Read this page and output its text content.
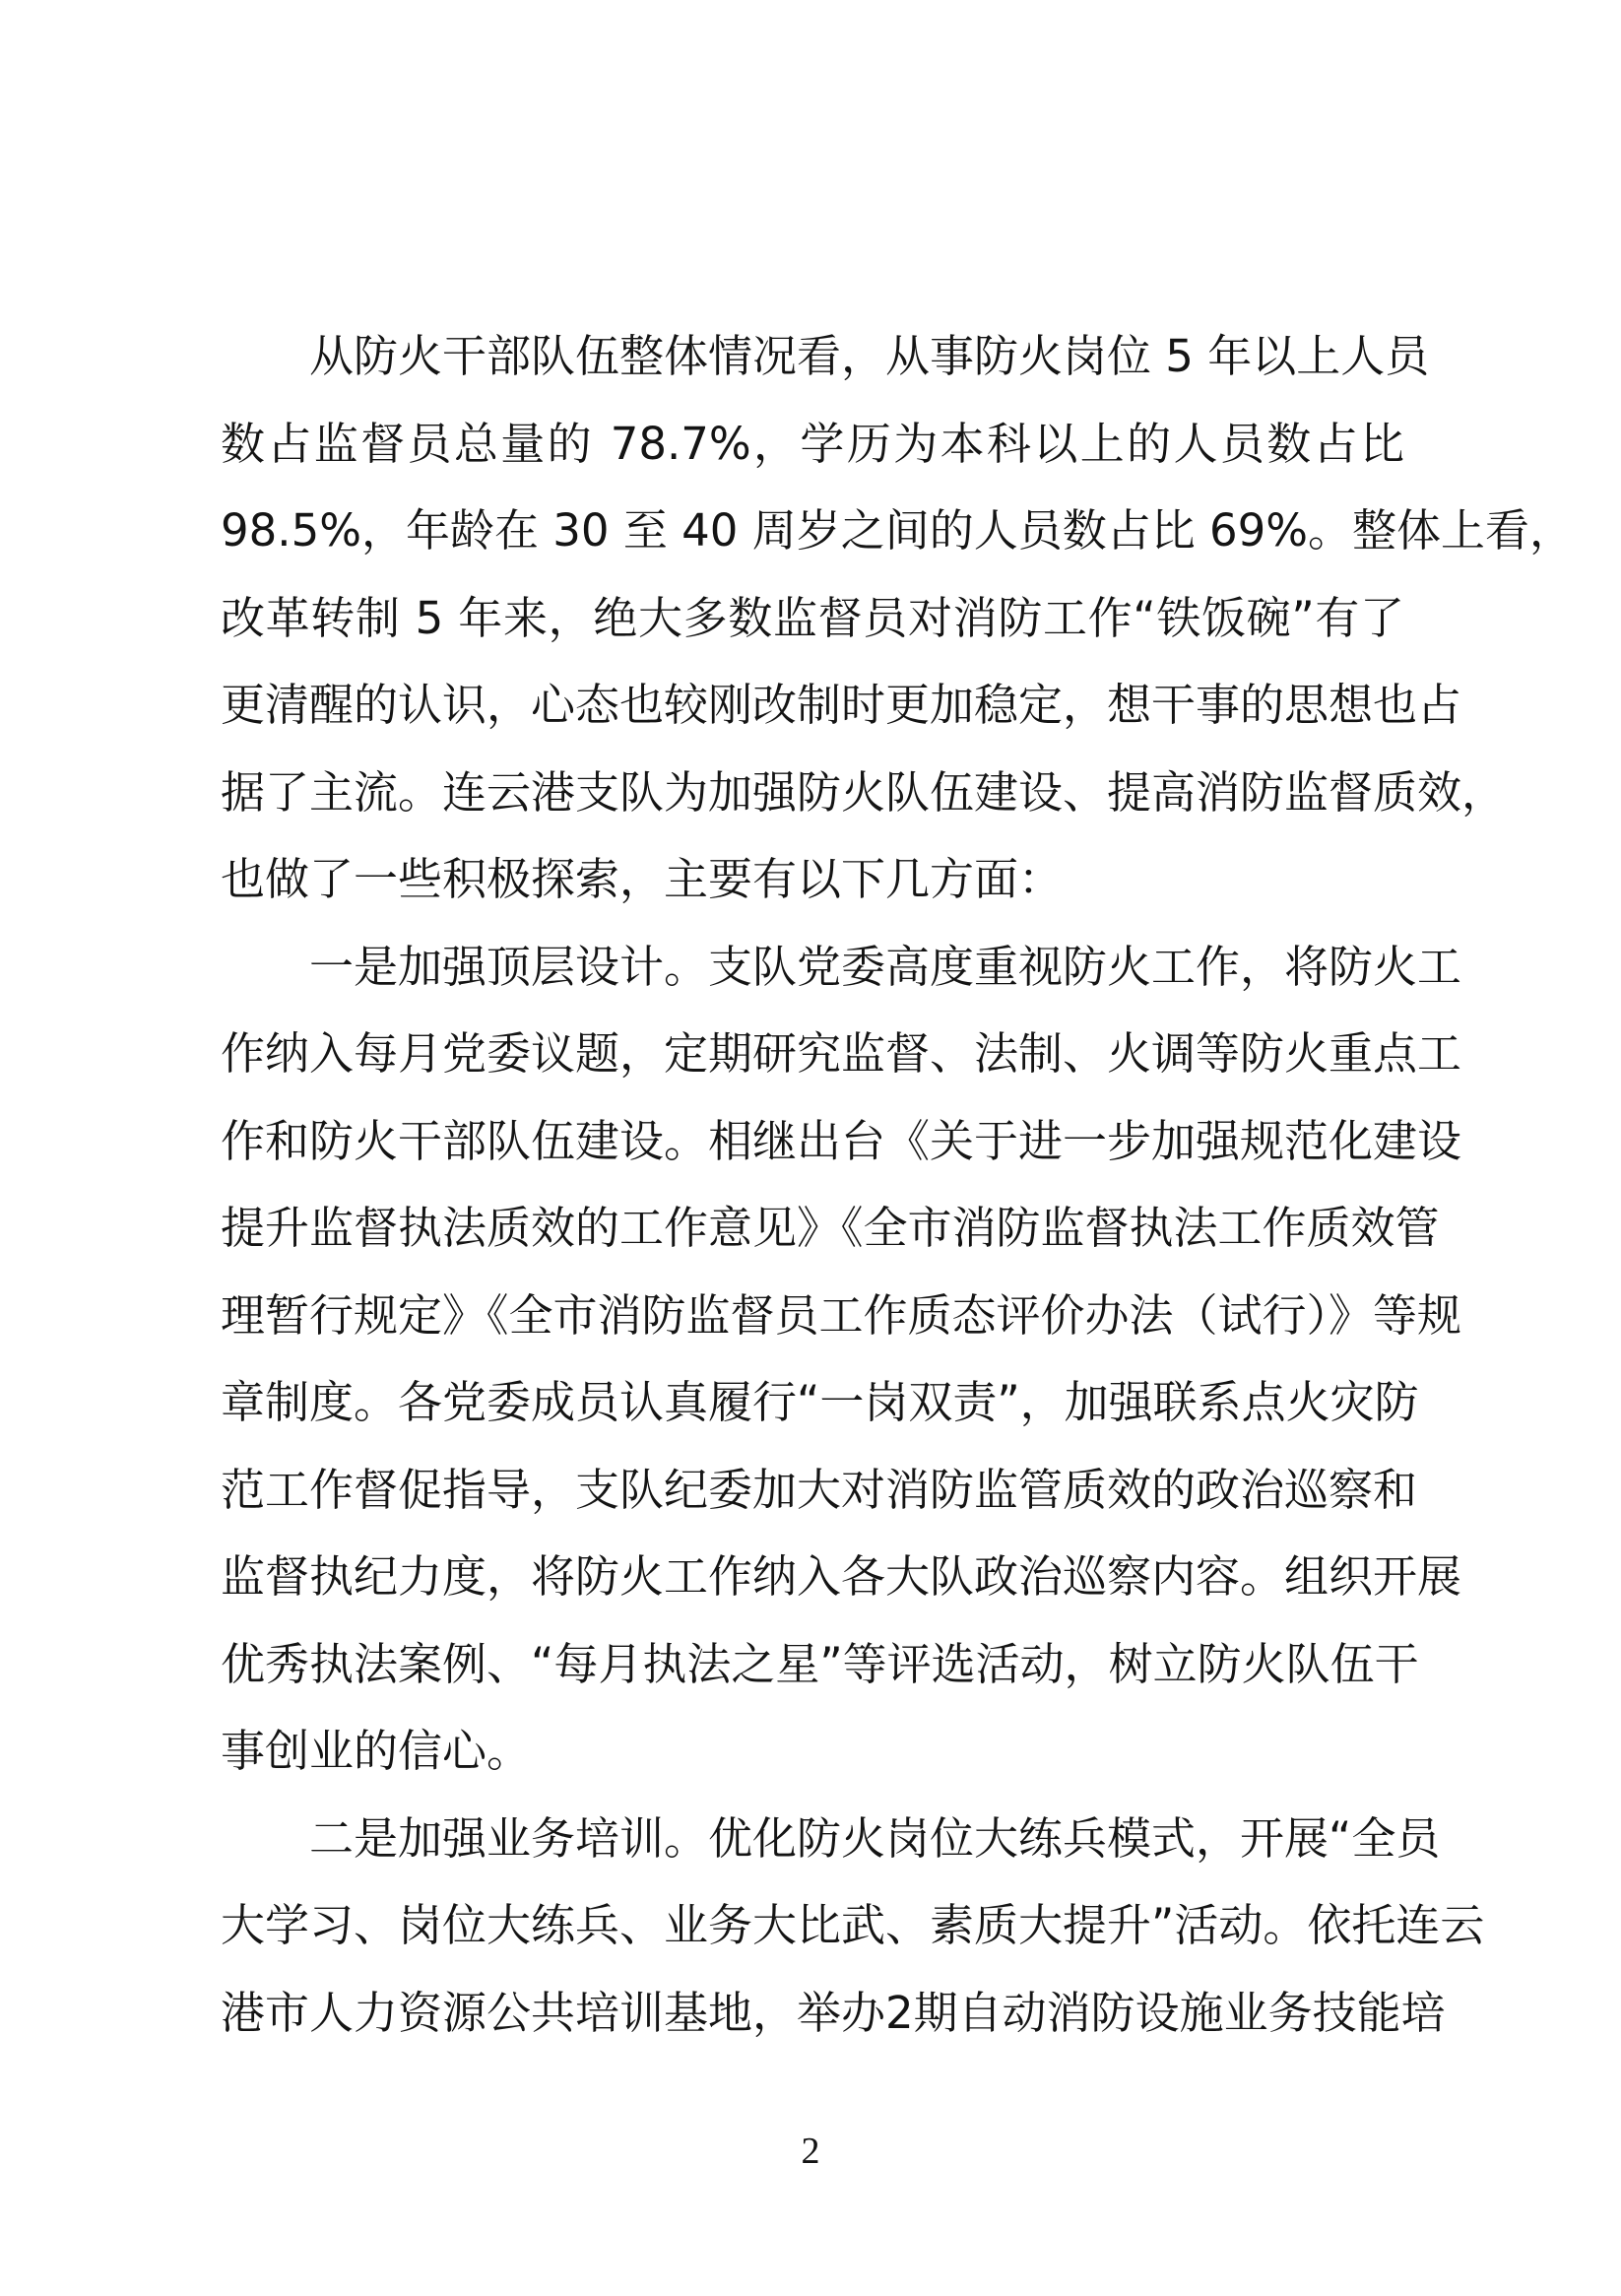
从防火干部队伍整体情况看，从事防火岗位 5 年以上人员
数占监督员总量的 78.7%，学历为本科以上的人员数占比
98.5%，年龄在 30 至 40 周岁之间的人员数占比 69%。整体上看，
改革转制 5 年来，绝大多数监督员对消防工作“铁饭碗”有了
更清醒的认识，心态也较刚改制时更加稳定，想干事的思想也占
据了主流。连云港支队为加强防火队伍建设、提高消防监督质效，
也做了一些积极探索，主要有以下几方面：
一是加强顶层设计。支队党委高度重视防火工作，将防火工
作纳入每月党委议题，定期研究监督、法制、火调等防火重点工
作和防火干部队伍建设。相继出台《关于进一步加强规范化建设
提升监督执法质效的工作意见》《全市消防监督执法工作质效管
理暂行规定》《全市消防监督员工作质态评价办法（试行）》等规
章制度。各党委成员认真履行“一岗双责”，加强联系点火灾防
范工作督促指导，支队纪委加大对消防监管质效的政治巡察和
监督执纪力度，将防火工作纳入各大队政治巡察内容。组织开展
优秀执法案例、“每月执法之星”等评选活动，树立防火队伍干
事创业的信心。
二是加强业务培训。优化防火岗位大练兵模式，开展“全员
大学习、岗位大练兵、业务大比武、素质大提升”活动。依托连云
港市人力资源公共培训基地，举办2期自动消防设施业务技能培
2
